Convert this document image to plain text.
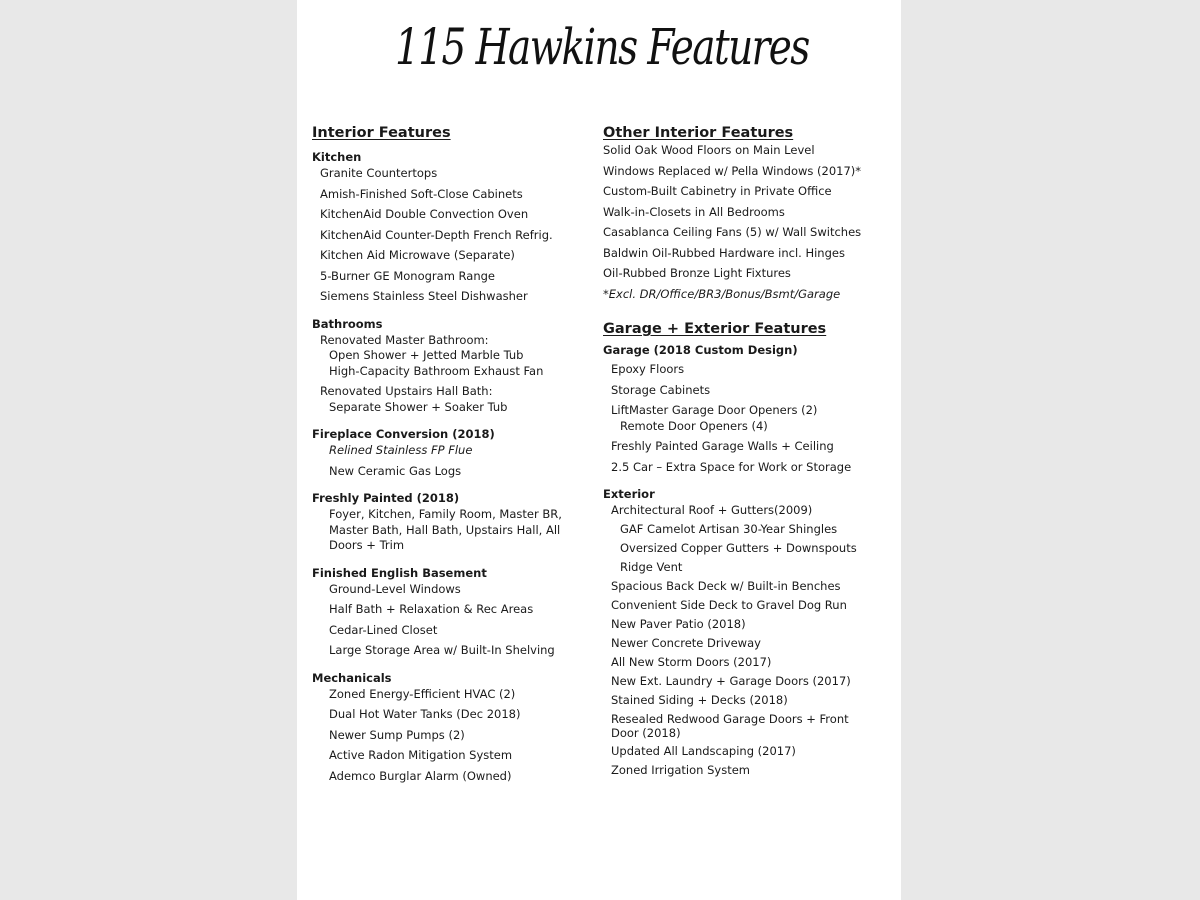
115 Hawkins Features
Interior Features
Kitchen
Granite Countertops
Amish-Finished Soft-Close Cabinets
KitchenAid Double Convection Oven
KitchenAid Counter-Depth French Refrig.
Kitchen Aid Microwave (Separate)
5-Burner GE Monogram Range
Siemens Stainless Steel Dishwasher
Bathrooms
Renovated Master Bathroom:
Open Shower + Jetted Marble Tub
High-Capacity Bathroom Exhaust Fan
Renovated Upstairs Hall Bath:
Separate Shower + Soaker Tub
Fireplace Conversion (2018)
Relined Stainless FP Flue
New Ceramic Gas Logs
Freshly Painted (2018)
Foyer, Kitchen, Family Room, Master BR, Master Bath, Hall Bath, Upstairs Hall, All Doors + Trim
Finished English Basement
Ground-Level Windows
Half Bath + Relaxation & Rec Areas
Cedar-Lined Closet
Large Storage Area w/ Built-In Shelving
Mechanicals
Zoned Energy-Efficient HVAC (2)
Dual Hot Water Tanks (Dec 2018)
Newer Sump Pumps (2)
Active Radon Mitigation System
Ademco Burglar Alarm (Owned)
Other Interior Features
Solid Oak Wood Floors on Main Level
Windows Replaced w/ Pella Windows (2017)*
Custom-Built Cabinetry in Private Office
Walk-in-Closets in All Bedrooms
Casablanca Ceiling Fans (5) w/ Wall Switches
Baldwin Oil-Rubbed Hardware incl. Hinges
Oil-Rubbed Bronze Light Fixtures
*Excl. DR/Office/BR3/Bonus/Bsmt/Garage
Garage + Exterior Features
Garage (2018 Custom Design)
Epoxy Floors
Storage Cabinets
LiftMaster Garage Door Openers (2)
Remote Door Openers (4)
Freshly Painted Garage Walls + Ceiling
2.5 Car – Extra Space for Work or Storage
Exterior
Architectural Roof + Gutters(2009)
GAF Camelot Artisan 30-Year Shingles
Oversized Copper Gutters + Downspouts
Ridge Vent
Spacious Back Deck w/ Built-in Benches
Convenient Side Deck to Gravel Dog Run
New Paver Patio (2018)
Newer Concrete Driveway
All New Storm Doors (2017)
New Ext. Laundry + Garage Doors (2017)
Stained Siding + Decks (2018)
Resealed Redwood Garage Doors + Front Door (2018)
Updated All Landscaping (2017)
Zoned Irrigation System
